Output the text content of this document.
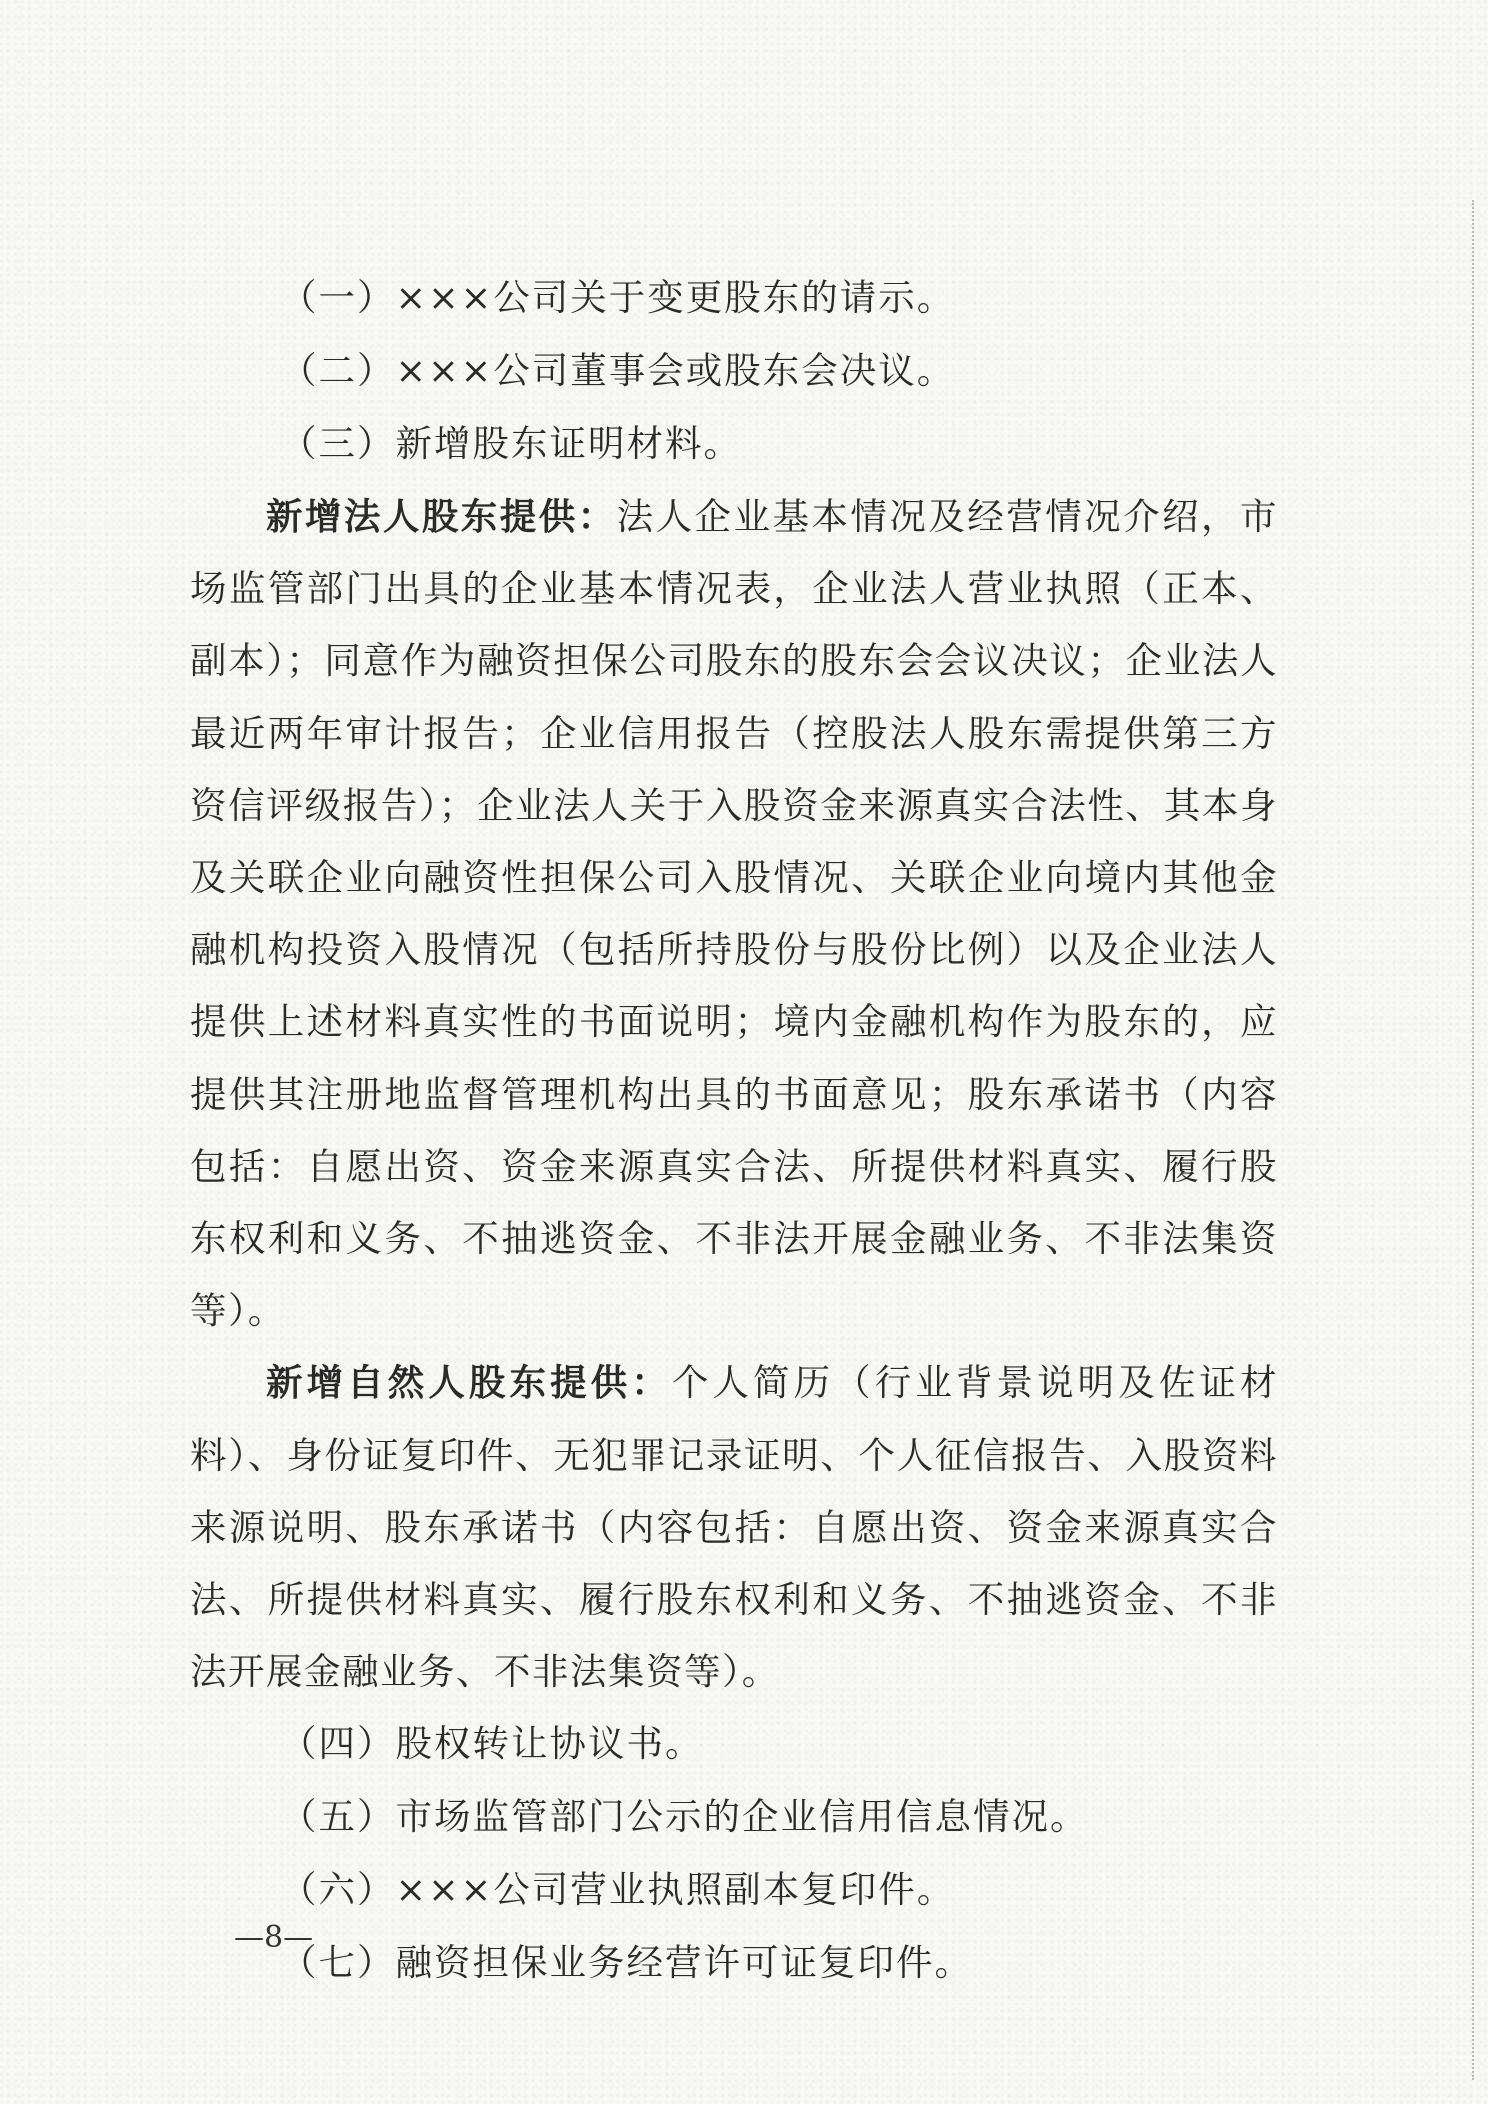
（一）×××公司关于变更股东的请示。
（二）×××公司董事会或股东会决议。
（三）新增股东证明材料。

新增法人股东提供：法人企业基本情况及经营情况介绍，市场监管部门出具的企业基本情况表，企业法人营业执照（正本、副本）；同意作为融资担保公司股东的股东会会议决议；企业法人最近两年审计报告；企业信用报告（控股法人股东需提供第三方资信评级报告）；企业法人关于入股资金来源真实合法性、其本身及关联企业向融资性担保公司入股情况、关联企业向境内其他金融机构投资入股情况（包括所持股份与股份比例）以及企业法人提供上述材料真实性的书面说明；境内金融机构作为股东的，应提供其注册地监督管理机构出具的书面意见；股东承诺书（内容包括：自愿出资、资金来源真实合法、所提供材料真实、履行股东权利和义务、不抽逃资金、不非法开展金融业务、不非法集资等）。

新增自然人股东提供：个人简历（行业背景说明及佐证材料）、身份证复印件、无犯罪记录证明、个人征信报告、入股资料来源说明、股东承诺书（内容包括：自愿出资、资金来源真实合法、所提供材料真实、履行股东权利和义务、不抽逃资金、不非法开展金融业务、不非法集资等）。

（四）股权转让协议书。
（五）市场监管部门公示的企业信用信息情况。
（六）×××公司营业执照副本复印件。
（七）融资担保业务经营许可证复印件。
—8—
